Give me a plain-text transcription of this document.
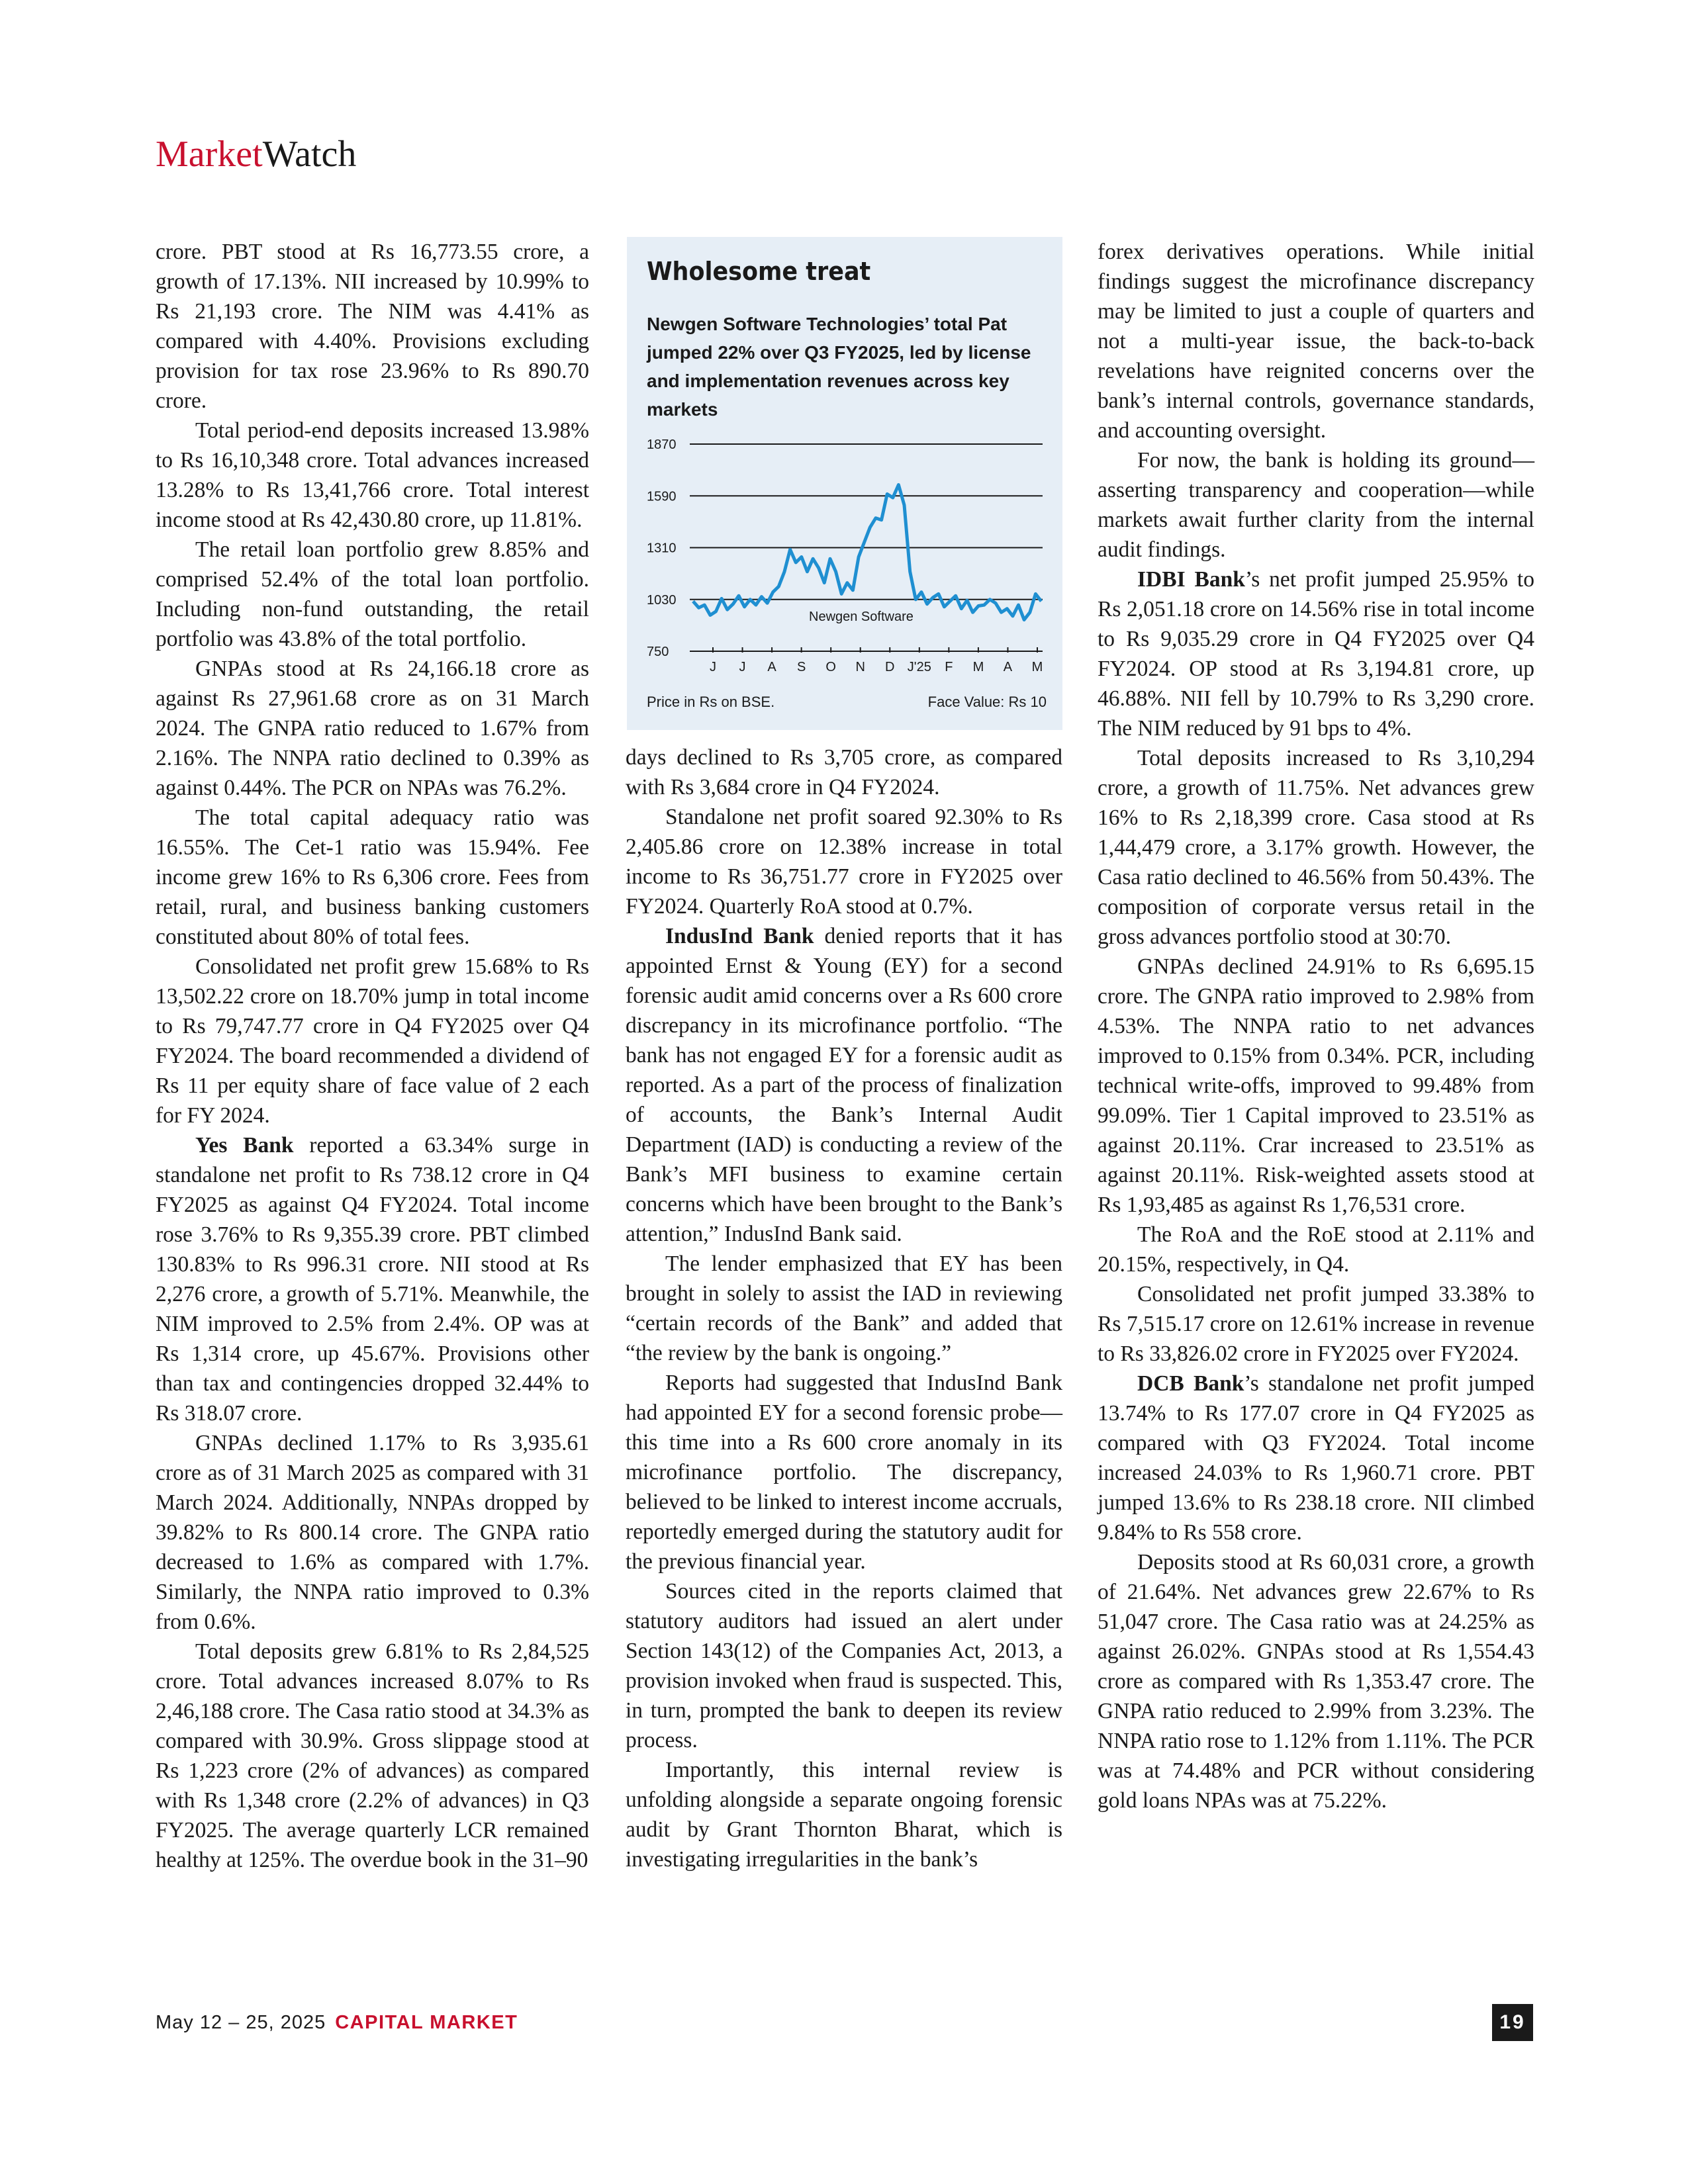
MarketWatch

crore. PBT stood at Rs 16,773.55 crore, a growth of 17.13%. NII increased by 10.99% to Rs 21,193 crore. The NIM was 4.41% as compared with 4.40%. Provisions excluding provision for tax rose 23.96% to Rs 890.70 crore.

Total period-end deposits increased 13.98% to Rs 16,10,348 crore. Total advances increased 13.28% to Rs 13,41,766 crore. Total interest income stood at Rs 42,430.80 crore, up 11.81%.

The retail loan portfolio grew 8.85% and comprised 52.4% of the total loan portfolio. Including non-fund outstanding, the retail portfolio was 43.8% of the total portfolio.

GNPAs stood at Rs 24,166.18 crore as against Rs 27,961.68 crore as on 31 March 2024. The GNPA ratio reduced to 1.67% from 2.16%. The NNPA ratio declined to 0.39% as against 0.44%. The PCR on NPAs was 76.2%.

The total capital adequacy ratio was 16.55%. The Cet-1 ratio was 15.94%. Fee income grew 16% to Rs 6,306 crore. Fees from retail, rural, and business banking customers constituted about 80% of total fees.

Consolidated net profit grew 15.68% to Rs 13,502.22 crore on 18.70% jump in total income to Rs 79,747.77 crore in Q4 FY2025 over Q4 FY2024. The board recommended a dividend of Rs 11 per equity share of face value of 2 each for FY 2024.

Yes Bank reported a 63.34% surge in standalone net profit to Rs 738.12 crore in Q4 FY2025 as against Q4 FY2024. Total income rose 3.76% to Rs 9,355.39 crore. PBT climbed 130.83% to Rs 996.31 crore. NII stood at Rs 2,276 crore, a growth of 5.71%. Meanwhile, the NIM improved to 2.5% from 2.4%. OP was at Rs 1,314 crore, up 45.67%. Provisions other than tax and contingencies dropped 32.44% to Rs 318.07 crore.

GNPAs declined 1.17% to Rs 3,935.61 crore as of 31 March 2025 as compared with 31 March 2024. Additionally, NNPAs dropped by 39.82% to Rs 800.14 crore. The GNPA ratio decreased to 1.6% as compared with 1.7%. Similarly, the NNPA ratio improved to 0.3% from 0.6%.

Total deposits grew 6.81% to Rs 2,84,525 crore. Total advances increased 8.07% to Rs 2,46,188 crore. The Casa ratio stood at 34.3% as compared with 30.9%. Gross slippage stood at Rs 1,223 crore (2% of advances) as compared with Rs 1,348 crore (2.2% of advances) in Q3 FY2025. The average quarterly LCR remained healthy at 125%. The overdue book in the 31–90

Wholesome treat
Newgen Software Technologies’ total Pat jumped 22% over Q3 FY2025, led by license and implementation revenues across key markets
750
1030
1310
1590
1870
J J A S O N D J'25 F M A M
Newgen Software
Price in Rs on BSE.	Face Value: Rs 10

days declined to Rs 3,705 crore, as compared with Rs 3,684 crore in Q4 FY2024.

Standalone net profit soared 92.30% to Rs 2,405.86 crore on 12.38% increase in total income to Rs 36,751.77 crore in FY2025 over FY2024. Quarterly RoA stood at 0.7%.

IndusInd Bank denied reports that it has appointed Ernst & Young (EY) for a second forensic audit amid concerns over a Rs 600 crore discrepancy in its microfinance portfolio. “The bank has not engaged EY for a forensic audit as reported. As a part of the process of finalization of accounts, the Bank’s Internal Audit Department (IAD) is conducting a review of the Bank’s MFI business to examine certain concerns which have been brought to the Bank’s attention,” IndusInd Bank said.

The lender emphasized that EY has been brought in solely to assist the IAD in reviewing “certain records of the Bank” and added that “the review by the bank is ongoing.”

Reports had suggested that IndusInd Bank had appointed EY for a second forensic probe—this time into a Rs 600 crore anomaly in its microfinance portfolio. The discrepancy, believed to be linked to interest income accruals, reportedly emerged during the statutory audit for the previous financial year.

Sources cited in the reports claimed that statutory auditors had issued an alert under Section 143(12) of the Companies Act, 2013, a provision invoked when fraud is suspected. This, in turn, prompted the bank to deepen its review process.

Importantly, this internal review is unfolding alongside a separate ongoing forensic audit by Grant Thornton Bharat, which is investigating irregularities in the bank’s

forex derivatives operations. While initial findings suggest the microfinance discrepancy may be limited to just a couple of quarters and not a multi-year issue, the back-to-back revelations have reignited concerns over the bank’s internal controls, governance standards, and accounting oversight.

For now, the bank is holding its ground—asserting transparency and cooperation—while markets await further clarity from the internal audit findings.

IDBI Bank’s net profit jumped 25.95% to Rs 2,051.18 crore on 14.56% rise in total income to Rs 9,035.29 crore in Q4 FY2025 over Q4 FY2024. OP stood at Rs 3,194.81 crore, up 46.88%. NII fell by 10.79% to Rs 3,290 crore. The NIM reduced by 91 bps to 4%.

Total deposits increased to Rs 3,10,294 crore, a growth of 11.75%. Net advances grew 16% to Rs 2,18,399 crore. Casa stood at Rs 1,44,479 crore, a 3.17% growth. However, the Casa ratio declined to 46.56% from 50.43%. The composition of corporate versus retail in the gross advances portfolio stood at 30:70.

GNPAs declined 24.91% to Rs 6,695.15 crore. The GNPA ratio improved to 2.98% from 4.53%. The NNPA ratio to net advances improved to 0.15% from 0.34%. PCR, including technical write-offs, improved to 99.48% from 99.09%. Tier 1 Capital improved to 23.51% as against 20.11%. Crar increased to 23.51% as against 20.11%. Risk-weighted assets stood at Rs 1,93,485 as against Rs 1,76,531 crore.

The RoA and the RoE stood at 2.11% and 20.15%, respectively, in Q4.

Consolidated net profit jumped 33.38% to Rs 7,515.17 crore on 12.61% increase in revenue to Rs 33,826.02 crore in FY2025 over FY2024.

DCB Bank’s standalone net profit jumped 13.74% to Rs 177.07 crore in Q4 FY2025 as compared with Q3 FY2024. Total income increased 24.03% to Rs 1,960.71 crore. PBT jumped 13.6% to Rs 238.18 crore. NII climbed 9.84% to Rs 558 crore.

Deposits stood at Rs 60,031 crore, a growth of 21.64%. Net advances grew 22.67% to Rs 51,047 crore. The Casa ratio was at 24.25% as against 26.02%. GNPAs stood at Rs 1,554.43 crore as compared with Rs 1,353.47 crore. The GNPA ratio reduced to 2.99% from 3.23%. The NNPA ratio rose to 1.12% from 1.11%. The PCR was at 74.48% and PCR without considering gold loans NPAs was at 75.22%.

May 12 – 25, 2025 CAPITAL MARKET	19
